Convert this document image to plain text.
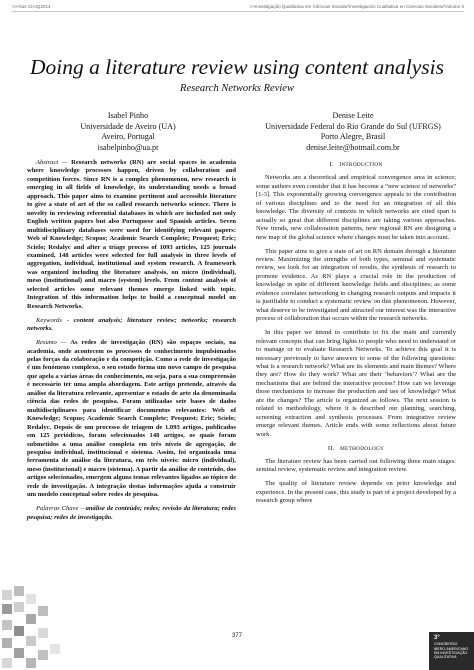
>>Atas CIAIQ2014	>>Investigação Qualitativa em Ciências Sociais//Investigación Cualitativa en Ciencias Sociales//Volume 3
Doing a literature review using content analysis
Research Networks Review
Isabel Pinho
Universidade de Aveiro (UA)
Aveiro, Portugal
isabelpinho@ua.pt
Denise Leite
Universidade Federal do Rio Grande do Sul (UFRGS)
Porto Alegre, Brasil
denise.leite@hotmail.com.br

Abstract — Research networks (RN) are social spaces in academia where knowledge processes happen, driven by collaboration and competition forces. Since RN is a complex phenomenon, new research is emerging in all fields of knowledge, its understanding needs a broad approach. This paper aims to examine pertinent and accessible literature to give a state of art of the so called research networks science. There is novelty in reviewing referential databases in which are included not only English written papers but also Portuguese and Spanish articles. Seven multidisciplinary databases were used for identifying relevant papers: Web of Knowledge; Scopus; Academic Search Complete; Proquest; Eric; Scielo; Redalyc and after a triage process of 1093 articles, 125 journals examined, 148 articles were selected for full analysis in three levels of aggregation, individual, institutional and system research. A framework was organized including the literature analysis, on micro (individual), meso (institutional) and macro (system) levels. From content analysis of selected articles some relevant themes emerge linked with topic. Integration of this information helps to build a conceptual model on Research Networks.

Keywords - content analysis; literature review; networks; research networks.

Resumo — As redes de investigação (RN) são espaços sociais, na academia, onde acontecem os processos de conhecimento impulsionados pelas forças da colaboração e da competição. Como a rede de investigação é um fenómeno complexo, o seu estudo forma um novo campo de pesquisa que apela a várias áreas do conhecimento, ou seja, para a sua compreensão é necessário ter uma ampla abordagem. Este artigo pretende, através da análise da literatura relevante, apresentar o estado de arte da denominada ciência das redes de pesquisa. Foram utilizadas sete bases de dados multidisciplinares para identificar documentos relevantes: Web of Knowledge; Scopus; Academic Search Complete; Proquest; Eric; Scielo; Redalyc. Depois de um processo de triagem de 1.093 artigos, publicados em 125 periódicos, foram selecionados 148 artigos, os quais foram submetidos a uma análise completa em três níveis de agregação, de pesquisa individual, institucional e sistema. Assim, foi organizada uma ferramenta de análise da literatura, em três níveis: micro (individual), meso (institucional) e macro (sistema). A partir da análise de conteúdo, dos artigos selecionados, emergem alguns temas relevantes ligados ao tópico de rede de investigação. A integração destas informações ajuda a construir um modelo conceptual sobre redes de pesquisa.

Palavras Chave – análise de conteúdo; redes; revisão da literatura; redes pesquisa; redes de investigação.

I. INTRODUCTION

Networks are a theoretical and empirical convergence area in science; some authors even consider that it has become a “new science of networks” [1-3]. This exponentially growing convergence appeals to the contribution of various disciplines and to the need for an integration of all this knowledge. The diversity of contexts in which networks are cited span is actually so great that different disciplines are taking various approaches. New trends, new collaboration patterns, new regional RN are designing a new map of the global science where changes must be taken into account.

This paper aims to give a state of art on RN domain through a literature review. Maximizing the strengths of both types, seminal and systematic review, we look for an integration of results, the synthesis of research to promote evidence. As RN plays a crucial role in the production of knowledge in spite of different knowledge fields and disciplines; as some evidence correlates networking to changing research outputs and impacts it is justifiable to conduct a systematic review on this phenomenon. However, what deserve to be investigated and attracted our interest was the interactive process of collaboration that occurs within the research networks.

In this paper we intend to contribute to fix the main and currently relevant concepts that can bring lights to people who need to understand or to manage or to evaluate Research Networks. To achieve this goal it is necessary previously to have answers to some of the following questions: what is a research network? What are its elements and main themes? Where they are? How do they work? What are their ‘behaviors’? What are the mechanisms that are behind the interactive process? How can we leverage those mechanisms to increase the production and use of knowledge? What are the changes? The article is organized as follows. The next session is related to methodology, where it is described our planning, searching, screening extraction and synthesis processes. From integrative review emerge relevant themes. Article ends with some reflections about future work.

II. METHODOLOGY

The literature review has been carried out following three main stages: seminal review, systematic review and integration review.

The quality of literature review depends on prior knowledge and experience. In the present case, this study is part of a project developed by a research group where

377	3°
CONGRESSO
IBERO-AMERICANO
EM INVESTIGAÇÃO
QUALITATIVA
